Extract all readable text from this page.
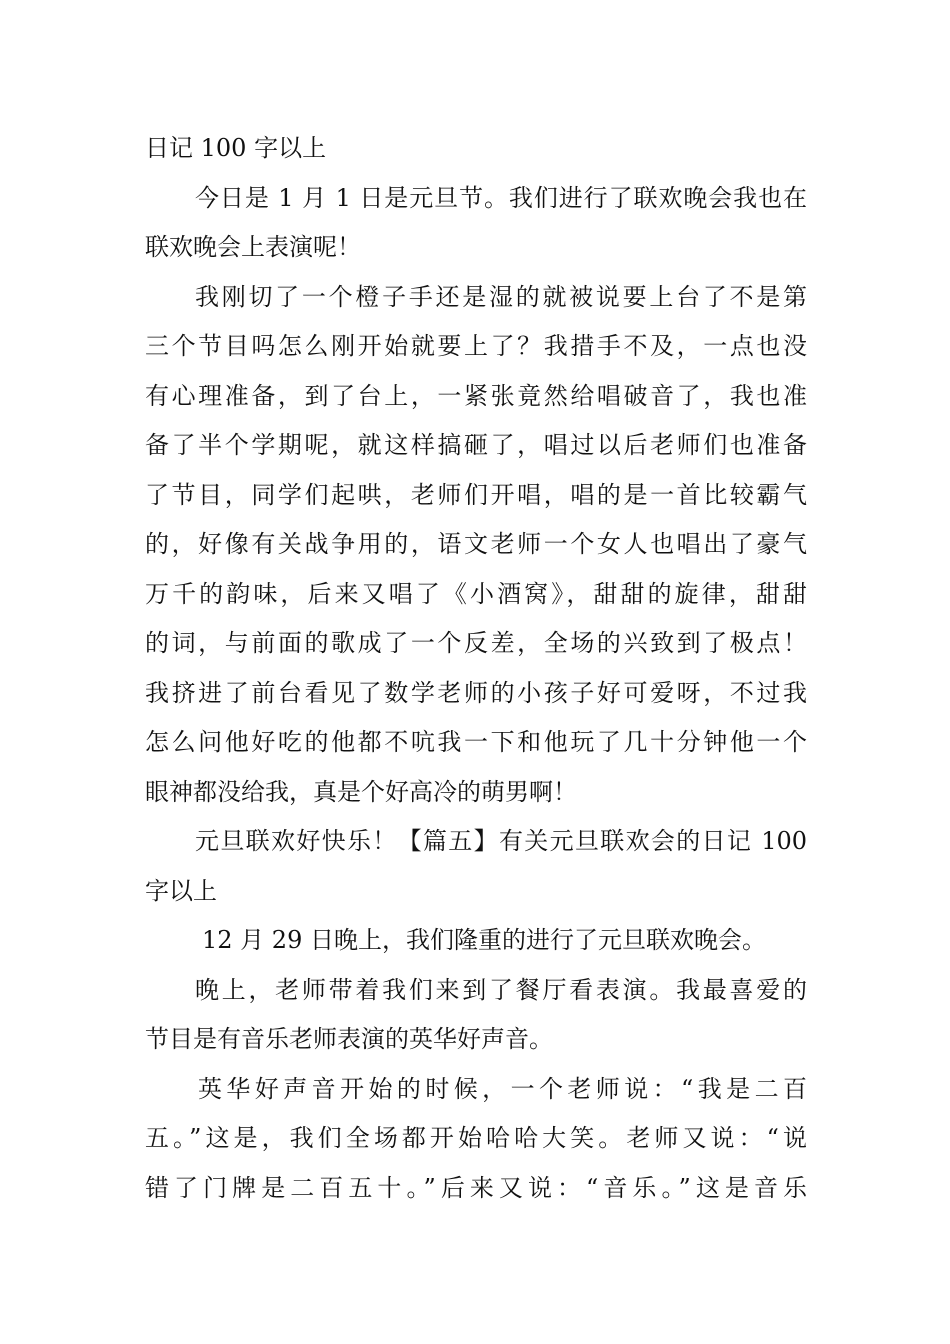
日记 100 字以上
今日是 1 月 1 日是元旦节。我们进行了联欢晚会我也在
联欢晚会上表演呢！
我刚切了一个橙子手还是湿的就被说要上台了不是第
三个节目吗怎么刚开始就要上了？我措手不及，一点也没
有心理准备，到了台上，一紧张竟然给唱破音了，我也准
备了半个学期呢，就这样搞砸了，唱过以后老师们也准备
了节目，同学们起哄，老师们开唱，唱的是一首比较霸气
的，好像有关战争用的，语文老师一个女人也唱出了豪气
万千的韵味，后来又唱了《小酒窝》，甜甜的旋律，甜甜
的词，与前面的歌成了一个反差，全场的兴致到了极点！
我挤进了前台看见了数学老师的小孩子好可爱呀，不过我
怎么问他好吃的他都不吭我一下和他玩了几十分钟他一个
眼神都没给我，真是个好高冷的萌男啊！
元旦联欢好快乐！【篇五】有关元旦联欢会的日记 100
字以上
12 月 29 日晚上，我们隆重的进行了元旦联欢晚会。
晚上，老师带着我们来到了餐厅看表演。我最喜爱的
节目是有音乐老师表演的英华好声音。
英华好声音开始的时候，一个老师说：“我是二百
五。”这是，我们全场都开始哈哈大笑。老师又说：“说
错了门牌是二百五十。”后来又说：“音乐。”这是音乐
